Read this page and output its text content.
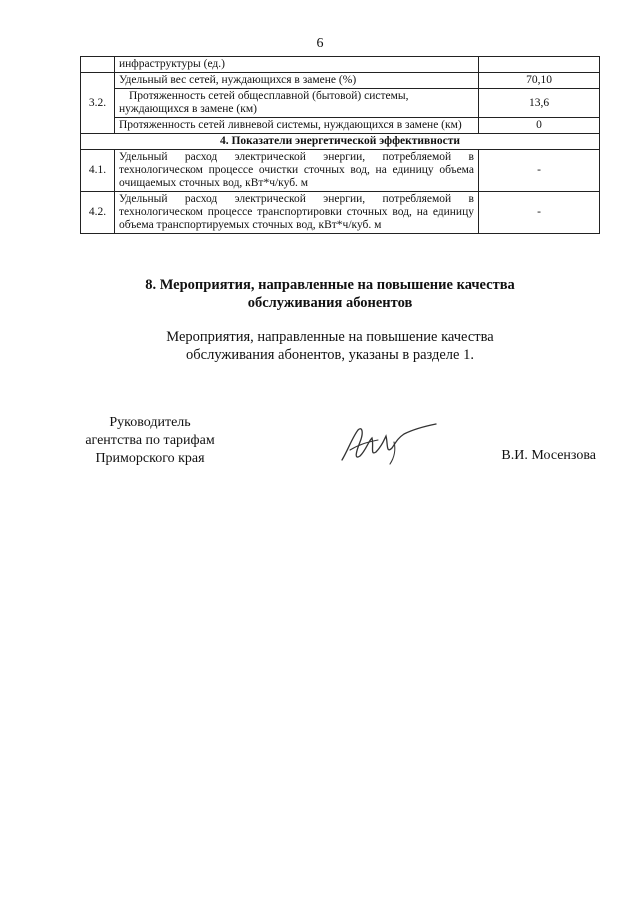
6
	инфраструктуры (ед.)	
3.2.	Удельный вес сетей, нуждающихся в замене (%)	70,10
	Протяженность сетей общесплавной (бытовой) системы, нуждающихся в замене (км)	13,6
	Протяженность сетей ливневой системы, нуждающихся в замене (км)	0
4. Показатели энергетической эффективности		
4.1.	Удельный расход электрической энергии, потребляемой в технологическом процессе очистки сточных вод, на единицу объема очищаемых сточных вод, кВт*ч/куб. м	-
4.2.	Удельный расход электрической энергии, потребляемой в технологическом процессе транспортировки сточных вод, на единицу объема транспортируемых сточных вод, кВт*ч/куб. м	-
8. Мероприятия, направленные на повышение качества
обслуживания абонентов
Мероприятия, направленные на повышение качества
обслуживания абонентов, указаны в разделе 1.
Руководитель
агентства по тарифам
Приморского края	В.И. Мосензова
